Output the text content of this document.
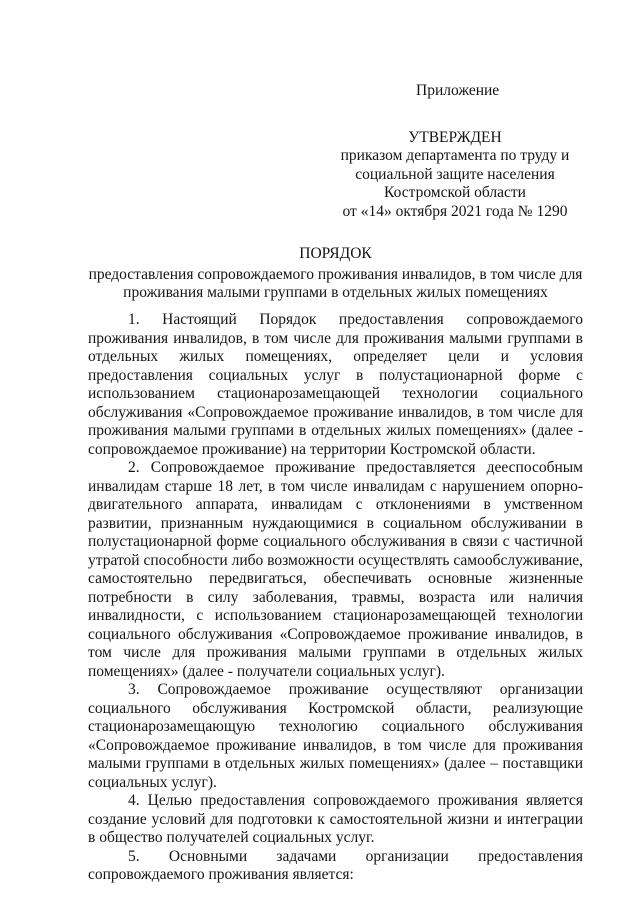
Приложение
УТВЕРЖДЕН
приказом департамента по труду и
социальной защите населения
Костромской области
от «14» октября 2021 года № 1290
ПОРЯДОК
предоставления сопровождаемого проживания инвалидов, в том числе для проживания малыми группами в отдельных жилых помещениях

1. Настоящий Порядок предоставления сопровождаемого проживания инвалидов, в том числе для проживания малыми группами в отдельных жилых помещениях, определяет цели и условия предоставления социальных услуг в полустационарной форме с использованием стационарозамещающей технологии социального обслуживания «Сопровождаемое проживание инвалидов, в том числе для проживания малыми группами в отдельных жилых помещениях» (далее - сопровождаемое проживание) на территории Костромской области.

2. Сопровождаемое проживание предоставляется дееспособным инвалидам старше 18 лет, в том числе инвалидам с нарушением опорно-двигательного аппарата, инвалидам с отклонениями в умственном развитии, признанным нуждающимися в социальном обслуживании в полустационарной форме социального обслуживания в связи с частичной утратой способности либо возможности осуществлять самообслуживание, самостоятельно передвигаться, обеспечивать основные жизненные потребности в силу заболевания, травмы, возраста или наличия инвалидности, с использованием стационарозамещающей технологии социального обслуживания «Сопровождаемое проживание инвалидов, в том числе для проживания малыми группами в отдельных жилых помещениях» (далее - получатели социальных услуг).

3. Сопровождаемое проживание осуществляют организации социального обслуживания Костромской области, реализующие стационарозамещающую технологию социального обслуживания «Сопровождаемое проживание инвалидов, в том числе для проживания малыми группами в отдельных жилых помещениях» (далее – поставщики социальных услуг).

4. Целью предоставления сопровождаемого проживания является создание условий для подготовки к самостоятельной жизни и интеграции в общество получателей социальных услуг.

5. Основными задачами организации предоставления сопровождаемого проживания является:
